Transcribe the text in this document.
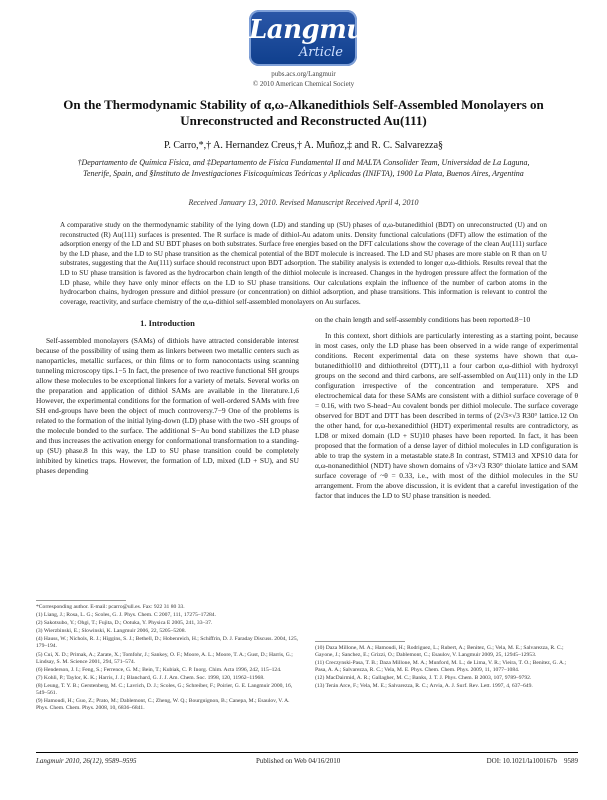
Langmuir
Article
pubs.acs.org/Langmuir
© 2010 American Chemical Society
On the Thermodynamic Stability of α,ω-Alkanedithiols Self-Assembled Monolayers on Unreconstructed and Reconstructed Au(111)
P. Carro,*,† A. Hernandez Creus,† A. Muñoz,‡ and R. C. Salvarezza§
†Departamento de Química Física, and ‡Departamento de Física Fundamental II and MALTA Consolider Team, Universidad de La Laguna, Tenerife, Spain, and §Instituto de Investigaciones Fisicoquímicas Teóricas y Aplicadas (INIFTA), 1900 La Plata, Buenos Aires, Argentina
Received January 13, 2010. Revised Manuscript Received April 4, 2010

A comparative study on the thermodynamic stability of the lying down (LD) and standing up (SU) phases of α,ω-butanedithiol (BDT) on unreconstructed (U) and on reconstructed (R) Au(111) surfaces is presented. The R surface is made of dithiol-Au adatom units. Density functional calculations (DFT) allow the estimation of the adsorption energy of the LD and SU BDT phases on both substrates. Surface free energies based on the DFT calculations show the coverage of the clean Au(111) surface by the LD phase, and the LD to SU phase transition as the chemical potential of the BDT molecule is increased. The LD and SU phases are more stable on R than on U substrates, suggesting that the Au(111) surface should reconstruct upon BDT adsorption. The stability analysis is extended to longer α,ω-dithiols. Results reveal that the LD to SU phase transition is favored as the hydrocarbon chain length of the dithiol molecule is increased. Changes in the hydrogen pressure affect the formation of the LD phase, while they have only minor effects on the LD to SU phase transitions. Our calculations explain the influence of the number of carbon atoms in the hydrocarbon chains, hydrogen pressure and dithiol pressure (or concentration) on dithiol adsorption, and phase transitions. This information is relevant to control the coverage, reactivity, and surface chemistry of the α,ω-dithiol self-assembled monolayers on Au surfaces.

1. Introduction

Self-assembled monolayers (SAMs) of dithiols have attracted considerable interest because of the possibility of using them as linkers between two metallic centers such as nanoparticles, metallic surfaces, or thin films or to form nanocontacts using scanning tunneling microscopy tips.1−5 In fact, the presence of two reactive functional SH groups allow these molecules to be exceptional linkers for a variety of metals. Several works on the preparation and application of dithiol SAMs are available in the literature.1,6 However, the experimental conditions for the formation of well-ordered SAMs with free SH end-groups have been the object of much controversy.7−9 One of the problems is related to the formation of the initial lying-down (LD) phase with the two -SH groups of the molecule bonded to the surface. The additional S−Au bond stabilizes the LD phase and thus increases the activation energy for conformational transformation to a standing-up (SU) phase.8 In this way, the LD to SU phase transition could be completely inhibited by kinetics traps. However, the formation of LD, mixed (LD + SU), and SU phases depending

on the chain length and self-assembly conditions has been reported.8−10

In this context, short dithiols are particularly interesting as a starting point, because in most cases, only the LD phase has been observed in a wide range of experimental conditions. Recent experimental data on these systems have shown that α,ω-butanedithiol10 and dithiothreitol (DTT),11 a four carbon α,ω-dithiol with hydroxyl groups on the second and third carbons, are self-assembled on Au(111) only in the LD configuration irrespective of the concentration and temperature. XPS and electrochemical data for these SAMs are consistent with a dithiol surface coverage of θ = 0.16, with two S-head−Au covalent bonds per dithiol molecule. The surface coverage observed for BDT and DTT has been described in terms of (2√3×√3 R30° lattice.12 On the other hand, for α,ω-hexanedithiol (HDT) experimental results are contradictory, as LD8 or mixed domain (LD + SU)10 phases have been reported. In fact, it has been proposed that the formation of a dense layer of dithiol molecules in LD configuration is able to trap the system in a metastable state.8 In contrast, STM13 and XPS10 data for α,ω-nonanedithiol (NDT) have shown domains of √3×√3 R30° thiolate lattice and SAM surface coverage of ~θ = 0.33, i.e., with most of the dithiol molecules in the SU arrangement. From the above discussion, it is evident that a careful investigation of the factor that induces the LD to SU phase transition is needed.

*Corresponding author. E-mail: pcarro@ull.es. Fax: 922 31 80 33.
(1) Liang, J.; Rosa, L. G.; Scoles, G. J. Phys. Chem. C 2007, 111, 17275–17284.
(2) Sakotsubo, Y.; Ohgi, T.; Fujita, D.; Ootuka, Y. Physica E 2005, 241, 33–37.
(3) Wierzbinski, E.; Slowinski, K. Langmuir 2006, 22, 5205–5208.
(4) Hauss, W.; Nichols, R. J.; Higgins, S. J.; Bethell, D.; Hobenreich, H.; Schiffrin, D. J. Faraday Discuss. 2004, 125, 179–194.
(5) Cui, X. D.; Primak, A.; Zarate, X.; Tomfohr, J.; Sankey, O. F.; Moore, A. L.; Moore, T. A.; Gust, D.; Harris, G.; Lindsay, S. M. Science 2001, 294, 571–574.
(6) Henderson, J. I.; Feng, S.; Ferrence, G. M.; Bein, T.; Kubiak, C. P. Inorg. Chim. Acta 1996, 242, 115–124.
(7) Kohli, P.; Taylor, K. K.; Harris, J. J.; Blanchard, G. J. J. Am. Chem. Soc. 1998, 120, 11962–11968.
(8) Leung, T. Y. B.; Gerstenberg, M. C.; Lavrich, D. J.; Scoles, G.; Schreiber, F.; Poirier, G. E. Langmuir 2000, 16, 549–561.
(9) Hamoudi, H.; Guo, Z.; Prato, M.; Dablemont, C.; Zheng, W. Q.; Bourguignon, B.; Canepa, M.; Esaulov, V. A. Phys. Chem. Chem. Phys. 2008, 10, 6836–6841.
(10) Daza Millone, M. A.; Hamoudi, H.; Rodriguez, L.; Rubert, A.; Benitez, G.; Vela, M. E.; Salvarezza, R. C.; Gayone, J.; Sanchez, E.; Grizzi, O.; Dablemont, C.; Esaulov, V. Langmuir 2009, 25, 12945–12953.
(11) Creczynski-Pasa, T. B.; Daza Millone, M. A.; Munford, M. L.; de Lima, V. R.; Vieira, T. O.; Benitez, G. A.; Pasa, A. A.; Salvarezza, R. C.; Vela, M. E. Phys. Chem. Chem. Phys. 2009, 11, 1077–1084.
(12) MacDairmid, A. R.; Gallagher, M. C.; Banks, J. T. J. Phys. Chem. B 2003, 107, 9789–9792.
(13) Terán Arce, F.; Vela, M. E.; Salvarezza, R. C.; Arvia, A. J. Surf. Rev. Lett. 1997, 4, 637–649.
Langmuir 2010, 26(12), 9589–9595	Published on Web 04/16/2010	DOI: 10.1021/la100167b 9589
